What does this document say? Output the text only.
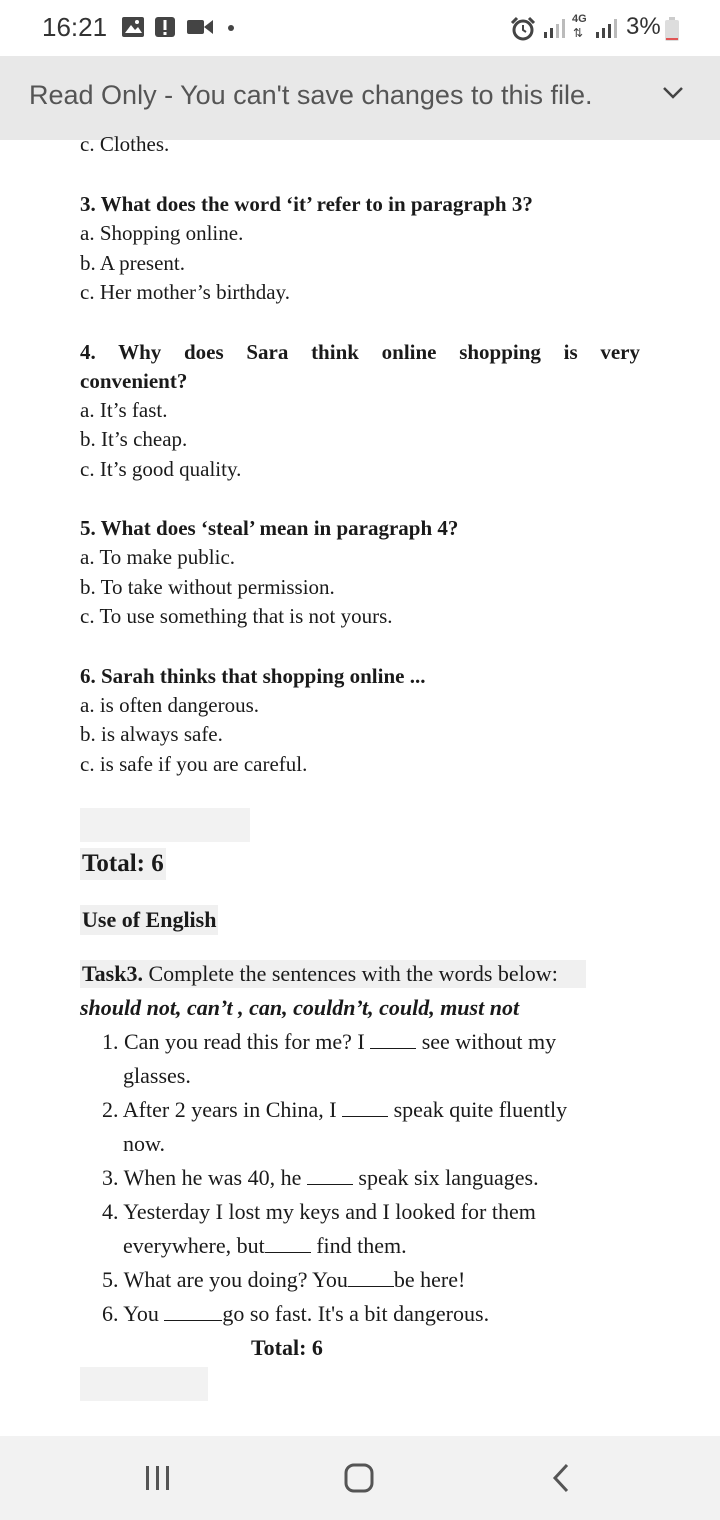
16:21	4G
⇅ 3%
Read Only - You can't save changes to this file.
c. Clothes.
3. What does the word ‘it’ refer to in paragraph 3?
a. Shopping online.
b. A present.
c. Her mother’s birthday.
4. Why does Sara think online shopping is very
convenient?
a. It’s fast.
b. It’s cheap.
c. It’s good quality.
5. What does ‘steal’ mean in paragraph 4?
a. To make public.
b. To take without permission.
c. To use something that is not yours.
6. Sarah thinks that shopping online ...
a. is often dangerous.
b. is always safe.
c. is safe if you are careful.
Total: 6
Use of English
Task3. Complete the sentences with the words below:
should not, can’t , can, couldn’t, could, must not
1. Can you read this for me? I  see without my
glasses.
2. After 2 years in China, I  speak quite fluently
now.
3. When he was 40, he  speak six languages.
4. Yesterday I lost my keys and I looked for them
everywhere, but find them.
5. What are you doing? You be here!
6. You	go so fast. It's a bit dangerous.
Total: 6
